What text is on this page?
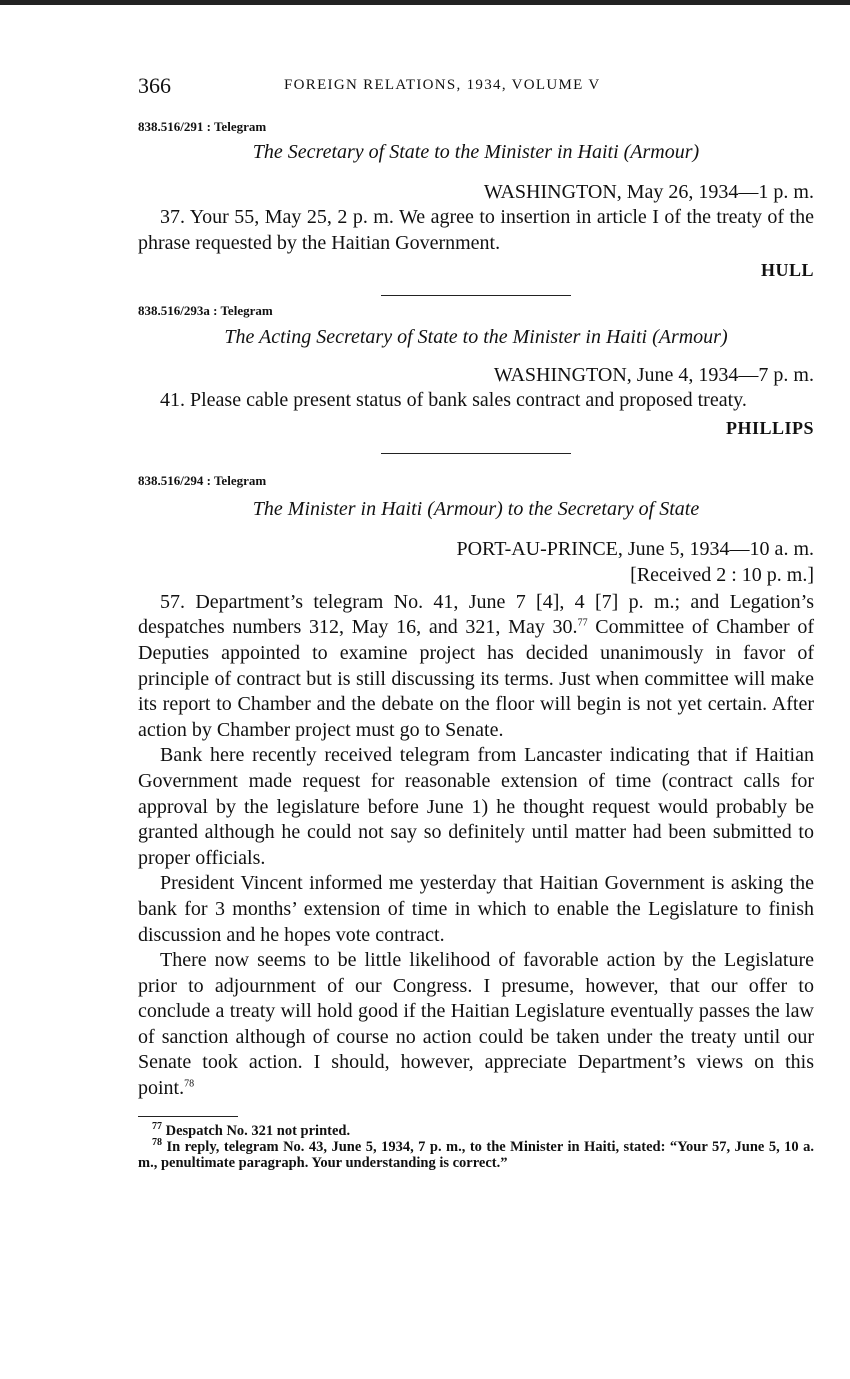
366	FOREIGN RELATIONS, 1934, VOLUME V

838.516/291 : Telegram

The Secretary of State to the Minister in Haiti (Armour)

WASHINGTON, May 26, 1934—1 p. m.

37. Your 55, May 25, 2 p. m. We agree to insertion in article I of the treaty of the phrase requested by the Haitian Government.

HULL

838.516/293a : Telegram

The Acting Secretary of State to the Minister in Haiti (Armour)

WASHINGTON, June 4, 1934—7 p. m.

41. Please cable present status of bank sales contract and proposed treaty.

PHILLIPS

838.516/294 : Telegram

The Minister in Haiti (Armour) to the Secretary of State

PORT-AU-PRINCE, June 5, 1934—10 a. m.

[Received 2 : 10 p. m.]

57. Department’s telegram No. 41, June 7 [4], 4 [7] p. m.; and Legation’s despatches numbers 312, May 16, and 321, May 30.77 Committee of Chamber of Deputies appointed to examine project has decided unanimously in favor of principle of contract but is still discussing its terms. Just when committee will make its report to Chamber and the debate on the floor will begin is not yet certain. After action by Chamber project must go to Senate.

Bank here recently received telegram from Lancaster indicating that if Haitian Government made request for reasonable extension of time (contract calls for approval by the legislature before June 1) he thought request would probably be granted although he could not say so definitely until matter had been submitted to proper officials.

President Vincent informed me yesterday that Haitian Government is asking the bank for 3 months’ extension of time in which to enable the Legislature to finish discussion and he hopes vote contract.

There now seems to be little likelihood of favorable action by the Legislature prior to adjournment of our Congress. I presume, however, that our offer to conclude a treaty will hold good if the Haitian Legislature eventually passes the law of sanction although of course no action could be taken under the treaty until our Senate took action. I should, however, appreciate Department’s views on this point.$^{78}$

$^{77}$ Despatch No. 321 not printed.

$^{78}$ In reply, telegram No. 43, June 5, 1934, 7 p. m., to the Minister in Haiti, stated: “Your 57, June 5, 10 a. m., penultimate paragraph. Your understanding is correct.”
